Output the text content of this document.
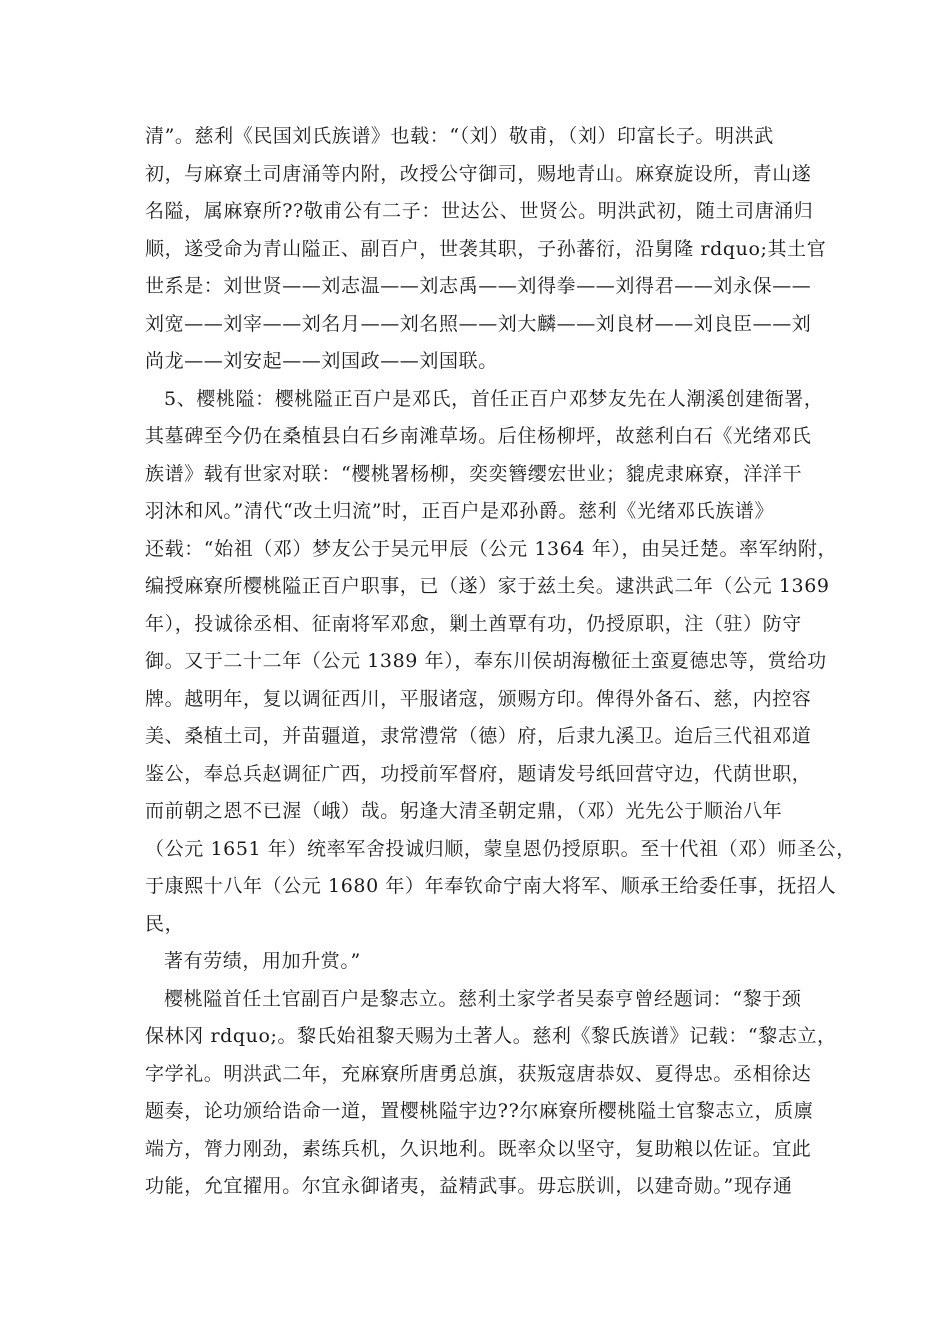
清”。慈利《民国刘氏族谱》也载：“（刘）敬甫，（刘）印富长子。明洪武
初，与麻寮土司唐涌等内附，改授公守御司，赐地青山。麻寮旋设所，青山遂
名隘，属麻寮所??敬甫公有二子：世达公、世贤公。明洪武初，随土司唐涌归
顺，遂受命为青山隘正、副百户，世袭其职，子孙蕃衍，沿舅隆 rdquo;其土官
世系是：刘世贤——刘志温——刘志禹——刘得拳——刘得君——刘永保——
刘宽——刘宰——刘名月——刘名照——刘大麟——刘良材——刘良臣——刘
尚龙——刘安起——刘国政——刘国联。
5、樱桃隘：樱桃隘正百户是邓氏，首任正百户邓梦友先在人潮溪创建衙署，
其墓碑至今仍在桑植县白石乡南滩草场。后住杨柳坪，故慈利白石《光绪邓氏
族谱》载有世家对联：“樱桃署杨柳，奕奕簪缨宏世业；貔虎隶麻寮，洋洋干
羽沐和风。”清代“改土归流”时，正百户是邓孙爵。慈利《光绪邓氏族谱》
还载：“始祖（邓）梦友公于吴元甲辰（公元 1364 年），由吴迁楚。率军纳附，
编授麻寮所樱桃隘正百户职事，已（遂）家于兹土矣。逮洪武二年（公元 1369
年），投诚徐丞相、征南将军邓愈，剿土酋覃有功，仍授原职，注（驻）防守
御。又于二十二年（公元 1389 年），奉东川侯胡海檄征土蛮夏德忠等，赏给功
牌。越明年，复以调征西川，平服诸寇，颁赐方印。俾得外备石、慈，内控容
美、桑植土司，并苗疆道，隶常澧常（德）府，后隶九溪卫。迨后三代祖邓道
鉴公，奉总兵赵调征广西，功授前军督府，题请发号纸回营守边，代荫世职，
而前朝之恩不已渥（峨）哉。躬逢大清圣朝定鼎，（邓）光先公于顺治八年
（公元 1651 年）统率军舍投诚归顺，蒙皇恩仍授原职。至十代祖（邓）师圣公，
于康熙十八年（公元 1680 年）年奉钦命宁南大将军、顺承王给委任事，抚招人
民，
著有劳绩，用加升赏。”
樱桃隘首任土官副百户是黎志立。慈利土家学者吴泰亨曾经题词：“黎于颈
保林冈 rdquo;。黎氏始祖黎天赐为土著人。慈利《黎氏族谱》记载：“黎志立，
字学礼。明洪武二年，充麻寮所唐勇总旗，获叛寇唐恭奴、夏得忠。丞相徐达
题奏，论功颁给诰命一道，置樱桃隘宇边??尔麻寮所樱桃隘土官黎志立，质廪
端方，膂力刚劲，素练兵机，久识地利。既率众以坚守，复助粮以佐证。宜此
功能，允宜擢用。尔宜永御诸夷，益精武事。毋忘朕训，以建奇勋。”现存通
